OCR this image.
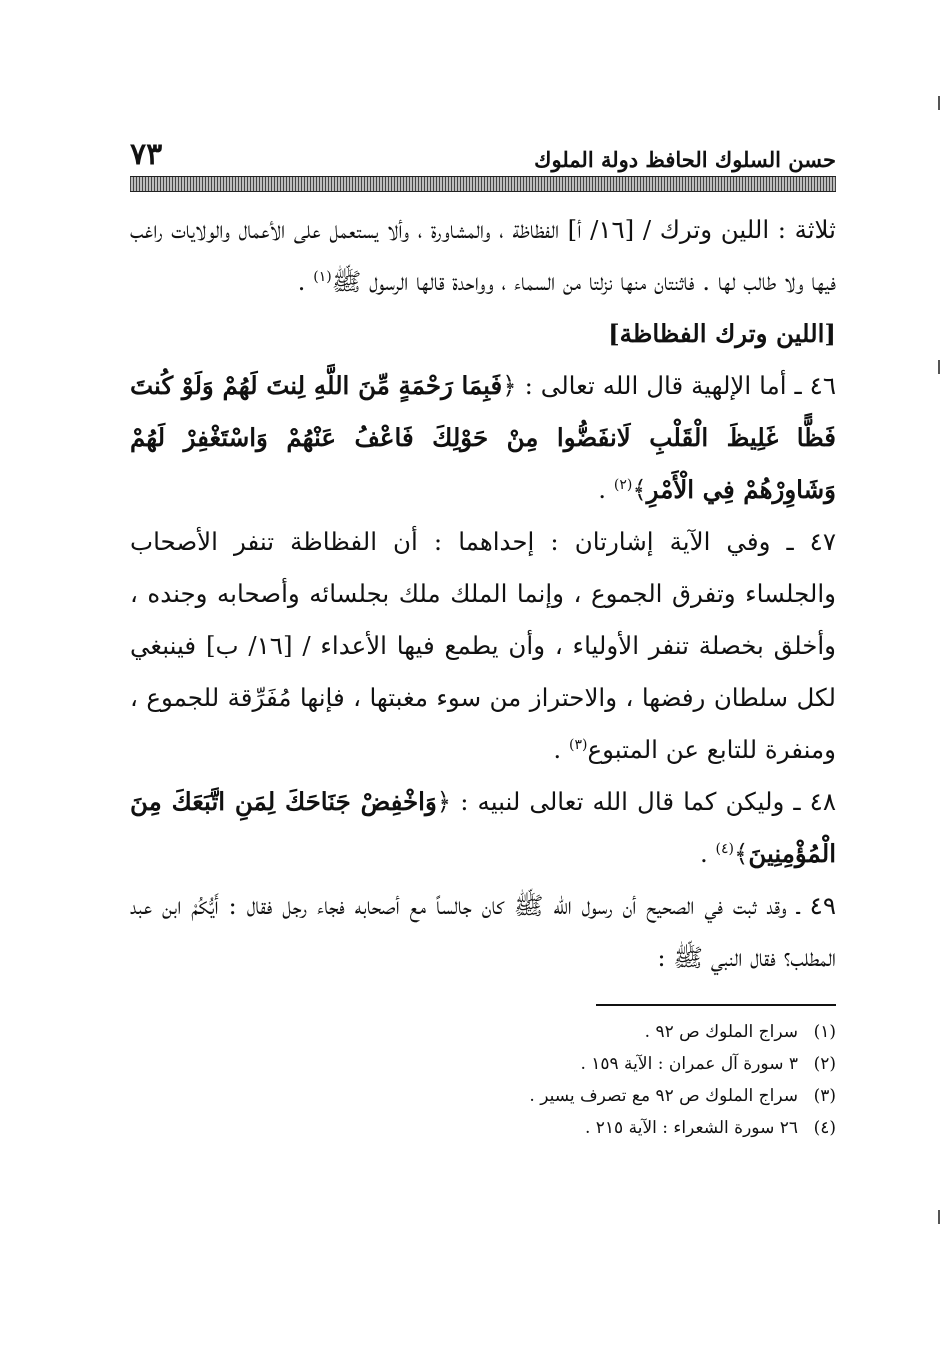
حسن السلوك الحافظ دولة الملوك
٧٣

ثلاثة : اللين وترك / [١٦/ أ] الفظاظة ، والمشاورة ، وألا يستعمل على الأعمال والولايات راغب فيها ولا طالب لها . فاثنتان منها نزلتا من السماء ، وواحدة قالها الرسول ﷺ$^{(١)}$ .

[اللين وترك الفظاظة]

٤٦ ـ أما الإلهية قال الله تعالى : ﴿فَبِمَا رَحْمَةٍ مِّنَ اللَّهِ لِنتَ لَهُمْ وَلَوْ كُنتَ فَظًّا غَلِيظَ الْقَلْبِ لَانفَضُّوا مِنْ حَوْلِكَ فَاعْفُ عَنْهُمْ وَاسْتَغْفِرْ لَهُمْ وَشَاوِرْهُمْ فِي الْأَمْرِ﴾$^{(٢)}$ .

٤٧ ـ وفي الآية إشارتان : إحداهما : أن الفظاظة تنفر الأصحاب والجلساء وتفرق الجموع ، وإنما الملك ملك بجلسائه وأصحابه وجنده ، وأخلق بخصلة تنفر الأولياء ، وأن يطمع فيها الأعداء / [١٦/ ب] فينبغي لكل سلطان رفضها ، والاحتراز من سوء مغبتها ، فإنها مُفَرِّقة للجموع ، ومنفرة للتابع عن المتبوع$^{(٣)}$ .

٤٨ ـ وليكن كما قال الله تعالى لنبيه : ﴿وَاخْفِضْ جَنَاحَكَ لِمَنِ اتَّبَعَكَ مِنَ الْمُؤْمِنِينَ﴾$^{(٤)}$ .

٤٩ ـ وقد ثبت في الصحيح أن رسول الله ﷺ كان جالساً مع أصحابه فجاء رجل فقال : أَيُّكُمْ ابن عبد المطلب؟ فقال النبي ﷺ :

(١)سراج الملوك ص ٩٢ .

(٢)٣ سورة آل عمران : الآية ١٥٩ .

(٣)سراج الملوك ص ٩٢ مع تصرف يسير .

(٤)٢٦ سورة الشعراء : الآية ٢١٥ .
